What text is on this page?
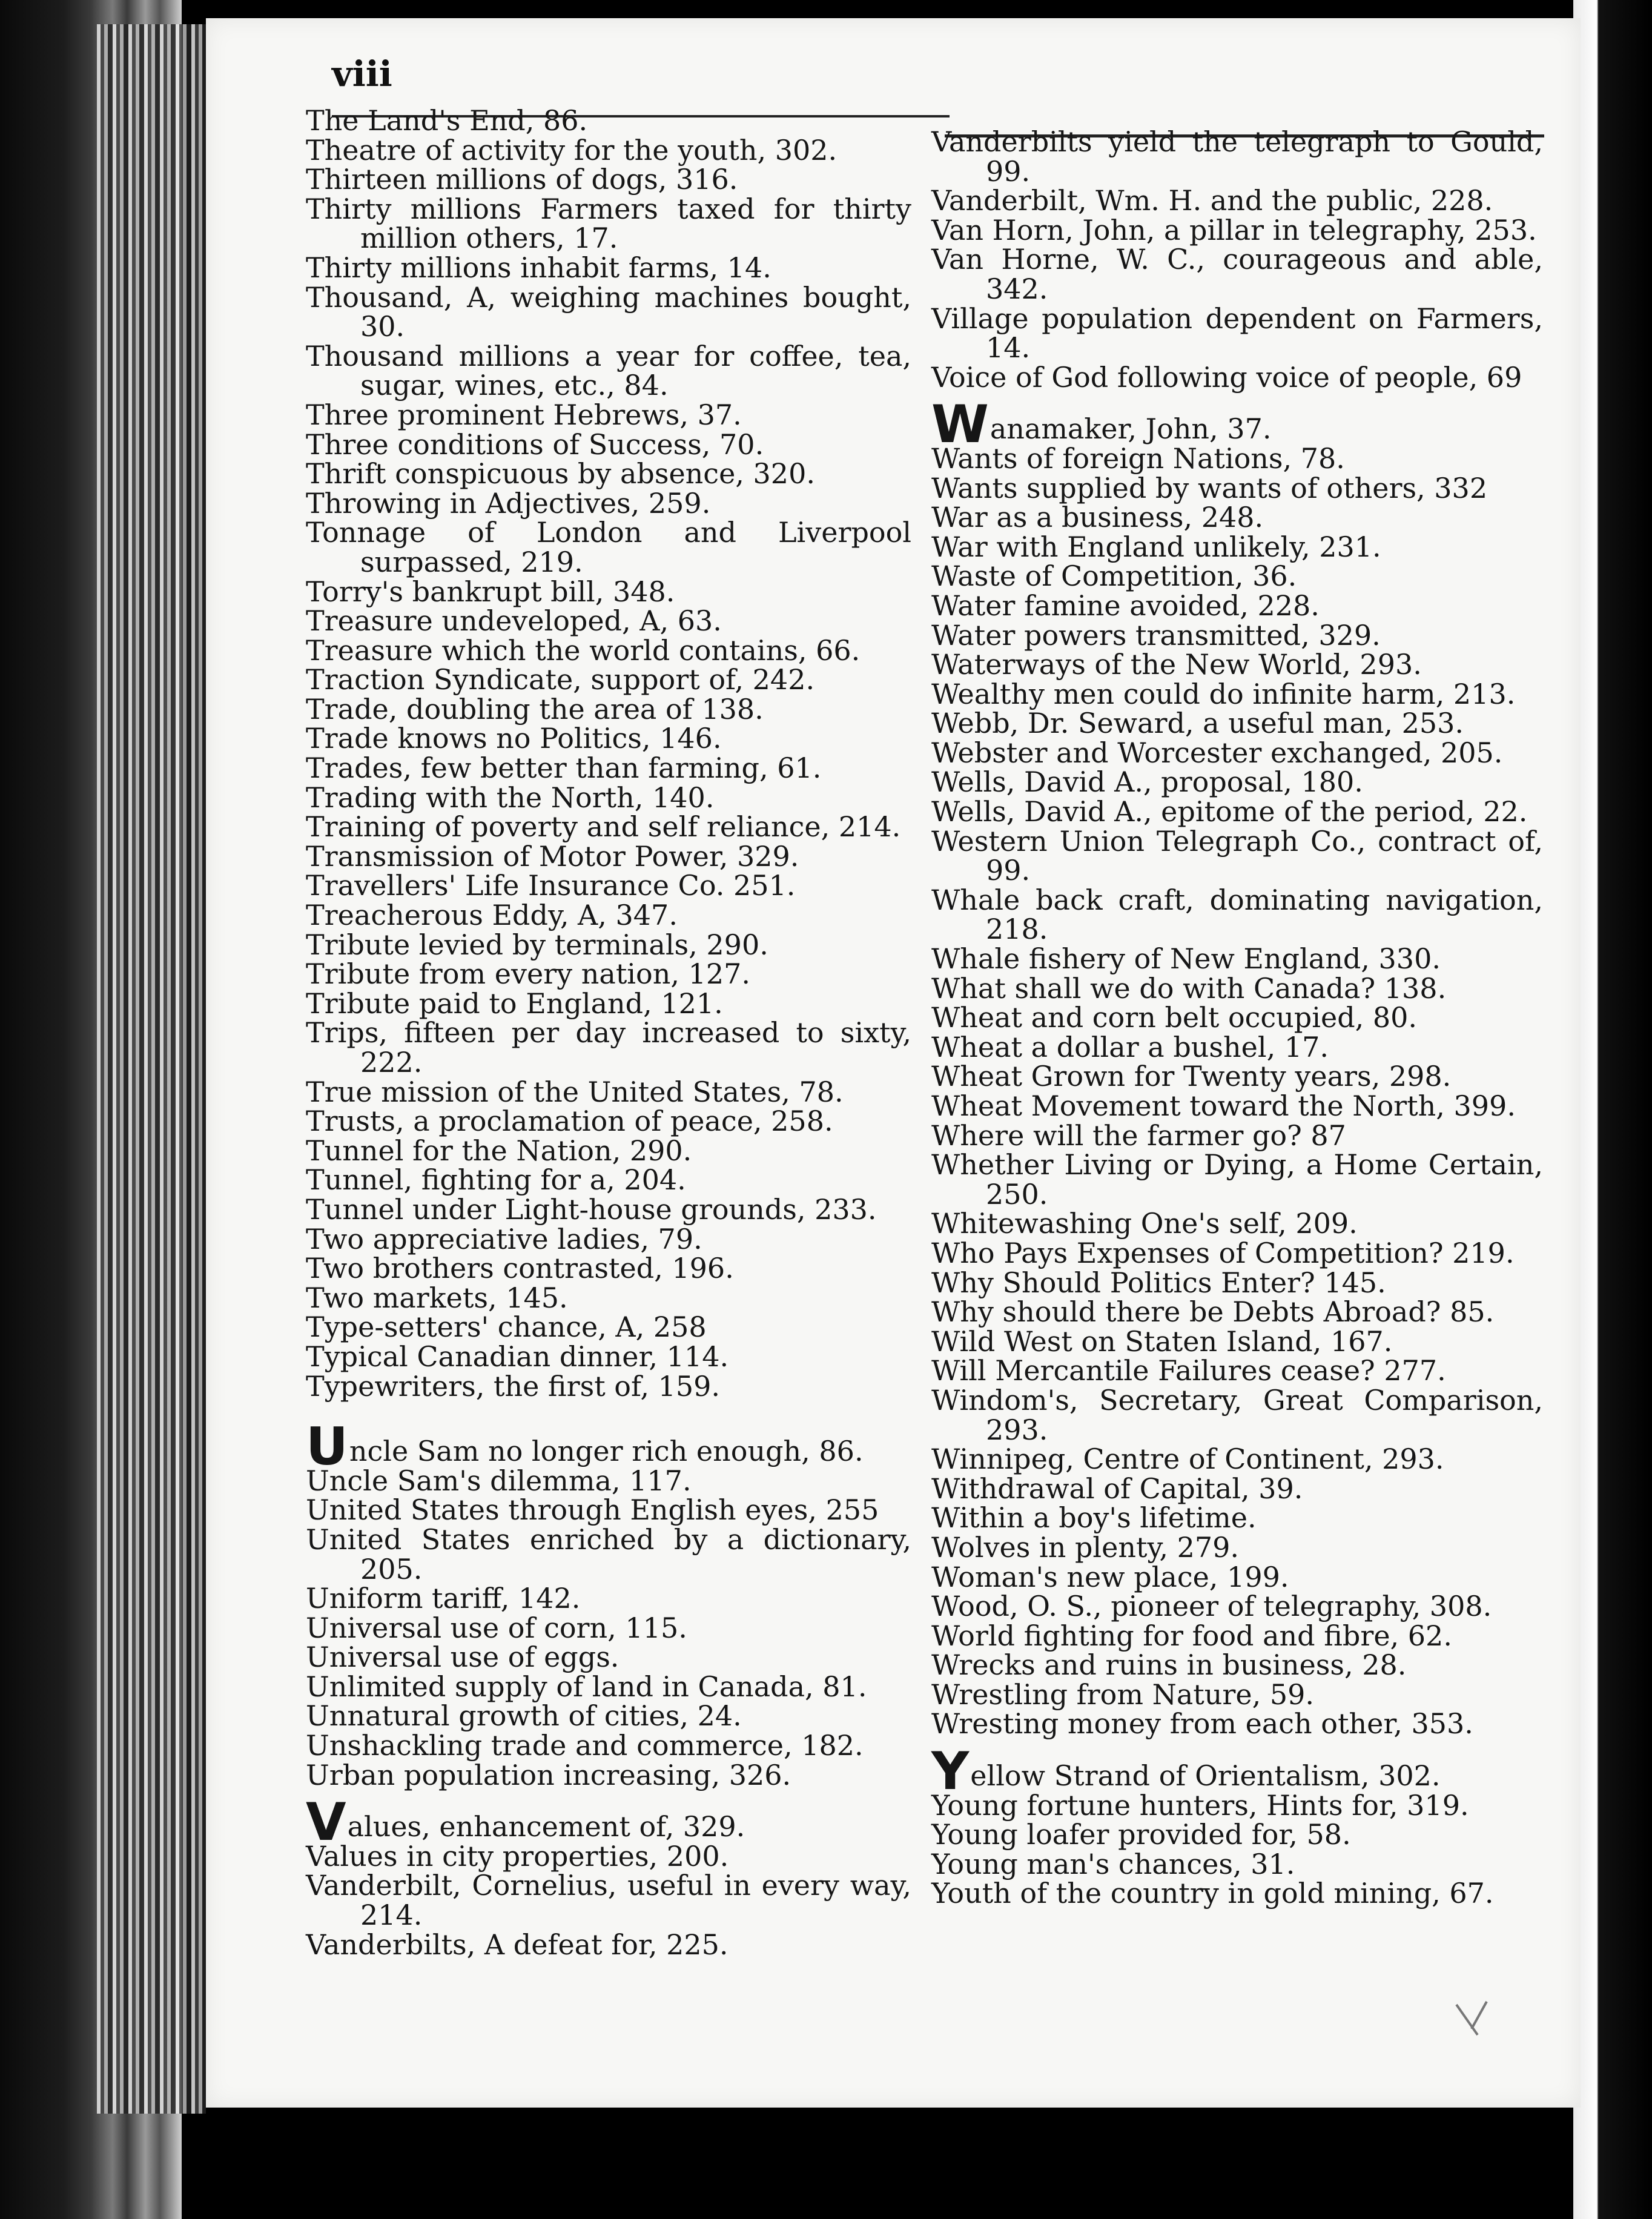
viii

The Land's End, 86.

Theatre of activity for the youth, 302.

Thirteen millions of dogs, 316.

Thirty millions Farmers taxed for thirty million others, 17.

Thirty millions inhabit farms, 14.

Thousand, A, weighing machines bought, 30.

Thousand millions a year for coffee, tea, sugar, wines, etc., 84.

Three prominent Hebrews, 37.

Three conditions of Success, 70.

Thrift conspicuous by absence, 320.

Throwing in Adjectives, 259.

Tonnage of London and Liverpool surpassed, 219.

Torry's bankrupt bill, 348.

Treasure undeveloped, A, 63.

Treasure which the world contains, 66.

Traction Syndicate, support of, 242.

Trade, doubling the area of 138.

Trade knows no Politics, 146.

Trades, few better than farming, 61.

Trading with the North, 140.

Training of poverty and self reliance, 214.

Transmission of Motor Power, 329.

Travellers' Life Insurance Co. 251.

Treacherous Eddy, A, 347.

Tribute levied by terminals, 290.

Tribute from every nation, 127.

Tribute paid to England, 121.

Trips, fifteen per day increased to sixty, 222.

True mission of the United States, 78.

Trusts, a proclamation of peace, 258.

Tunnel for the Nation, 290.

Tunnel, fighting for a, 204.

Tunnel under Light-house grounds, 233.

Two appreciative ladies, 79.

Two brothers contrasted, 196.

Two markets, 145.

Type-setters' chance, A, 258

Typical Canadian dinner, 114.

Typewriters, the first of, 159.

Uncle Sam no longer rich enough, 86.

Uncle Sam's dilemma, 117.

United States through English eyes, 255

United States enriched by a dictionary, 205.

Uniform tariff, 142.

Universal use of corn, 115.

Universal use of eggs.

Unlimited supply of land in Canada, 81.

Unnatural growth of cities, 24.

Unshackling trade and commerce, 182.

Urban population increasing, 326.

Values, enhancement of, 329.

Values in city properties, 200.

Vanderbilt, Cornelius, useful in every way, 214.

Vanderbilts, A defeat for, 225.

Vanderbilts yield the telegraph to Gould, 99.

Vanderbilt, Wm. H. and the public, 228.

Van Horn, John, a pillar in telegraphy, 253.

Van Horne, W. C., courageous and able, 342.

Village population dependent on Farmers, 14.

Voice of God following voice of people, 69

Wanamaker, John, 37.

Wants of foreign Nations, 78.

Wants supplied by wants of others, 332

War as a business, 248.

War with England unlikely, 231.

Waste of Competition, 36.

Water famine avoided, 228.

Water powers transmitted, 329.

Waterways of the New World, 293.

Wealthy men could do infinite harm, 213.

Webb, Dr. Seward, a useful man, 253.

Webster and Worcester exchanged, 205.

Wells, David A., proposal, 180.

Wells, David A., epitome of the period, 22.

Western Union Telegraph Co., contract of, 99.

Whale back craft, dominating navigation, 218.

Whale fishery of New England, 330.

What shall we do with Canada? 138.

Wheat and corn belt occupied, 80.

Wheat a dollar a bushel, 17.

Wheat Grown for Twenty years, 298.

Wheat Movement toward the North, 399.

Where will the farmer go? 87

Whether Living or Dying, a Home Certain, 250.

Whitewashing One's self, 209.

Who Pays Expenses of Competition? 219.

Why Should Politics Enter? 145.

Why should there be Debts Abroad? 85.

Wild West on Staten Island, 167.

Will Mercantile Failures cease? 277.

Windom's, Secretary, Great Comparison, 293.

Winnipeg, Centre of Continent, 293.

Withdrawal of Capital, 39.

Within a boy's lifetime.

Wolves in plenty, 279.

Woman's new place, 199.

Wood, O. S., pioneer of telegraphy, 308.

World fighting for food and fibre, 62.

Wrecks and ruins in business, 28.

Wrestling from Nature, 59.

Wresting money from each other, 353.

Yellow Strand of Orientalism, 302.

Young fortune hunters, Hints for, 319.

Young loafer provided for, 58.

Young man's chances, 31.

Youth of the country in gold mining, 67.
